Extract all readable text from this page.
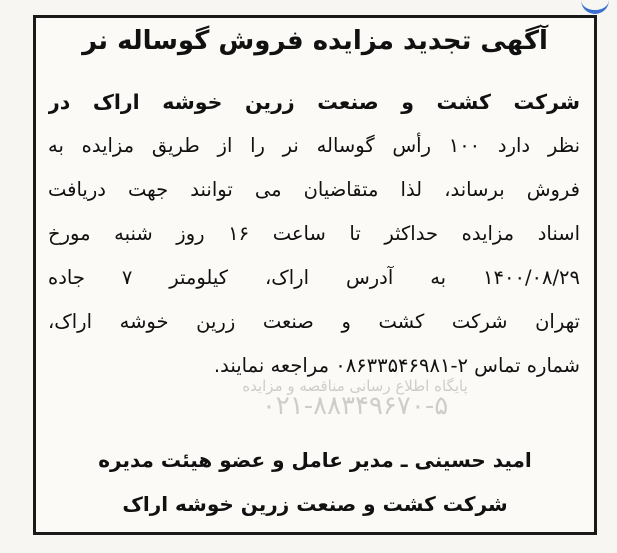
آگهی تجدید مزایده فروش گوساله نر
شرکت کشت و صنعت زرین خوشه اراک در
نظر دارد ۱۰۰ رأس گوساله نر را از طریق مزایده به
فروش برساند، لذا متقاضیان می توانند جهت دریافت
اسناد مزایده حداکثر تا ساعت ۱۶ روز شنبه مورخ
۱۴۰۰/۰۸/۲۹ به آدرس اراک، کیلومتر ۷ جاده
تهران شرکت کشت و صنعت زرین خوشه اراک،
شماره تماس ۲-۰۸۶۳۳۵۴۶۹۸۱ مراجعه نمایند.
امید حسینی ـ مدیر عامل و عضو هیئت مدیره
شرکت کشت و صنعت زرین خوشه اراک
پایگاه اطلاع رسانی مناقصه و مزایده
۰۲۱-۸۸۳۴۹۶۷۰-۵
